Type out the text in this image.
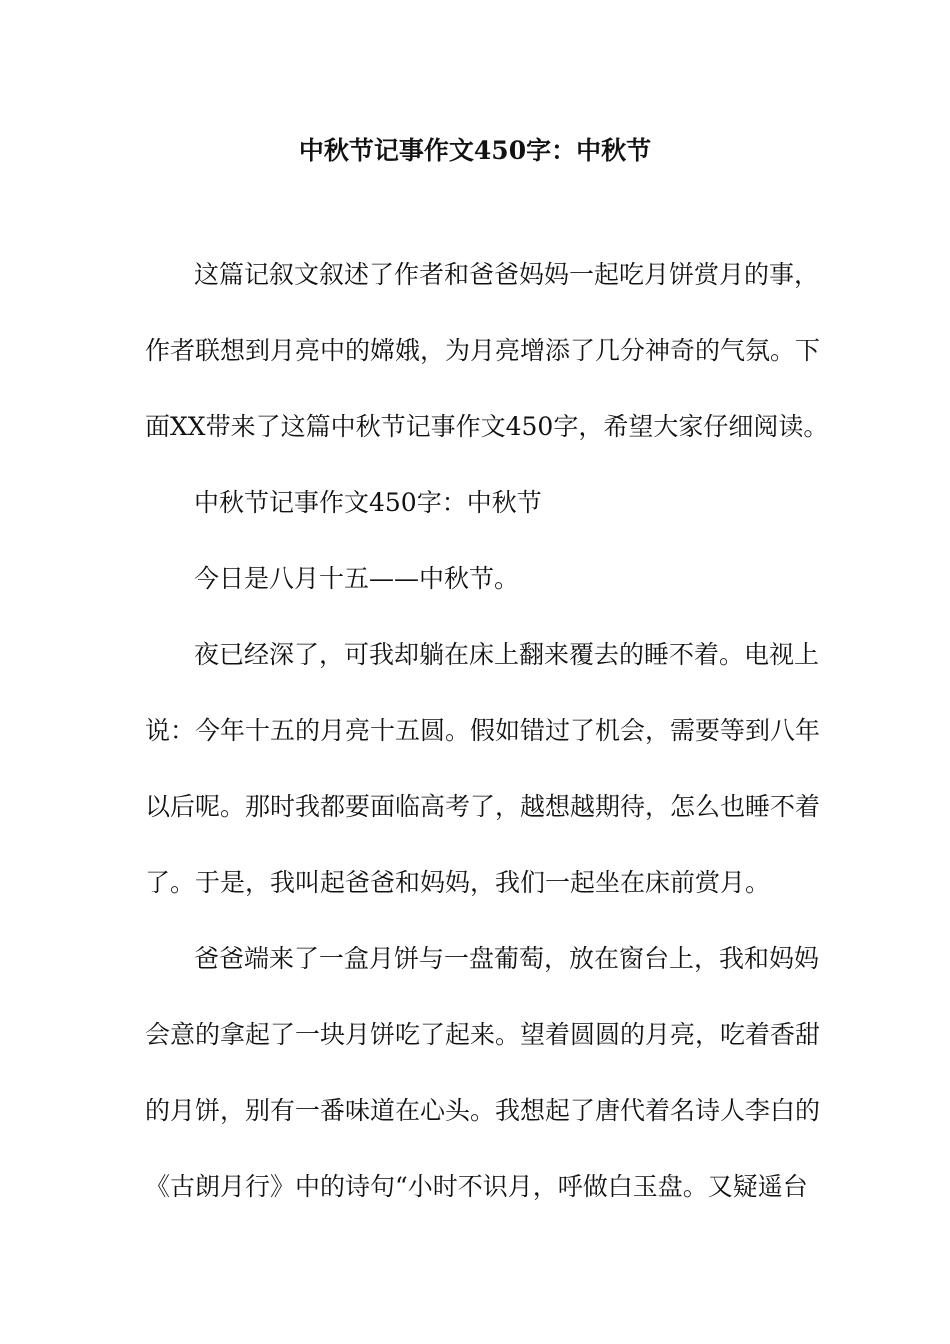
中秋节记事作文450字：中秋节
这篇记叙文叙述了作者和爸爸妈妈一起吃月饼赏月的事，
作者联想到月亮中的嫦娥，为月亮增添了几分神奇的气氛。下
面XX带来了这篇中秋节记事作文450字，希望大家仔细阅读。
中秋节记事作文450字：中秋节
今日是八月十五——中秋节。
夜已经深了，可我却躺在床上翻来覆去的睡不着。电视上
说：今年十五的月亮十五圆。假如错过了机会，需要等到八年
以后呢。那时我都要面临高考了，越想越期待，怎么也睡不着
了。于是，我叫起爸爸和妈妈，我们一起坐在床前赏月。
爸爸端来了一盒月饼与一盘葡萄，放在窗台上，我和妈妈
会意的拿起了一块月饼吃了起来。望着圆圆的月亮，吃着香甜
的月饼，别有一番味道在心头。我想起了唐代着名诗人李白的
《古朗月行》中的诗句“小时不识月，呼做白玉盘。又疑遥台
